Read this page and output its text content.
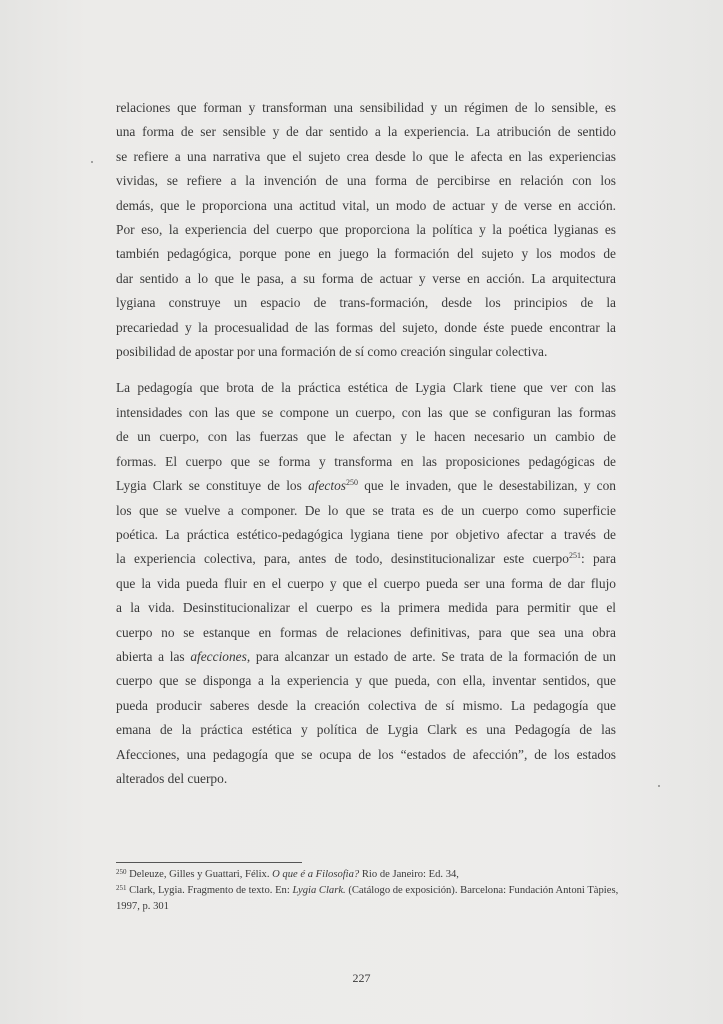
relaciones que forman y transforman una sensibilidad y un régimen de lo sensible, es
una forma de ser sensible y de dar sentido a la experiencia. La atribución de sentido
se refiere a una narrativa que el sujeto crea desde lo que le afecta en las experiencias
vividas, se refiere a la invención de una forma de percibirse en relación con los
demás, que le proporciona una actitud vital, un modo de actuar y de verse en acción.
Por eso, la experiencia del cuerpo que proporciona la política y la poética lygianas es
también pedagógica, porque pone en juego la formación del sujeto y los modos de
dar sentido a lo que le pasa, a su forma de actuar y verse en acción. La arquitectura
lygiana construye un espacio de trans-formación, desde los principios de la
precariedad y la procesualidad de las formas del sujeto, donde éste puede encontrar la
posibilidad de apostar por una formación de sí como creación singular colectiva.

La pedagogía que brota de la práctica estética de Lygia Clark tiene que ver con las
intensidades con las que se compone un cuerpo, con las que se configuran las formas
de un cuerpo, con las fuerzas que le afectan y le hacen necesario un cambio de
formas. El cuerpo que se forma y transforma en las proposiciones pedagógicas de
Lygia Clark se constituye de los afectos$^{250}$ que le invaden, que le desestabilizan, y con
los que se vuelve a componer. De lo que se trata es de un cuerpo como superficie
poética. La práctica estético-pedagógica lygiana tiene por objetivo afectar a través de
la experiencia colectiva, para, antes de todo, desinstitucionalizar este cuerpo$^{251}$: para
que la vida pueda fluir en el cuerpo y que el cuerpo pueda ser una forma de dar flujo
a la vida. Desinstitucionalizar el cuerpo es la primera medida para permitir que el
cuerpo no se estanque en formas de relaciones definitivas, para que sea una obra
abierta a las afecciones, para alcanzar un estado de arte. Se trata de la formación de un
cuerpo que se disponga a la experiencia y que pueda, con ella, inventar sentidos, que
pueda producir saberes desde la creación colectiva de sí mismo. La pedagogía que
emana de la práctica estética y política de Lygia Clark es una Pedagogía de las
Afecciones, una pedagogía que se ocupa de los “estados de afección”, de los estados
alterados del cuerpo.

$^{250}$ Deleuze, Gilles y Guattari, Félix. O que é a Filosofia? Rio de Janeiro: Ed. 34,

$^{251}$ Clark, Lygia. Fragmento de texto. En: Lygia Clark. (Catálogo de exposición). Barcelona: Fundación Antoni Tàpies, 1997, p. 301

227
